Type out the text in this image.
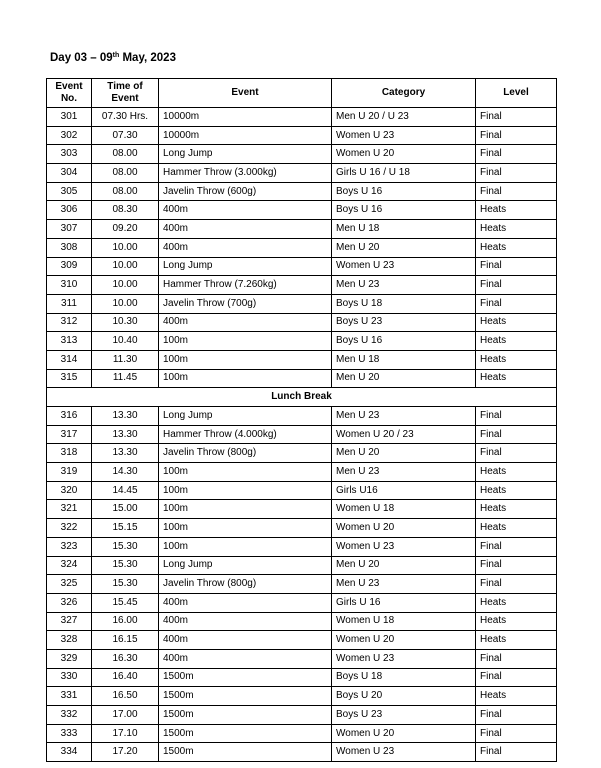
Day 03 – 09th May, 2023
Event No.	Time of Event	Event	Category	Level
301	07.30 Hrs.	10000m	Men U 20 / U 23	Final
302	07.30	10000m	Women U 23	Final
303	08.00	Long Jump	Women U 20	Final
304	08.00	Hammer Throw (3.000kg)	Girls U 16 / U 18	Final
305	08.00	Javelin Throw (600g)	Boys U 16	Final
306	08.30	400m	Boys U 16	Heats
307	09.20	400m	Men U 18	Heats
308	10.00	400m	Men U 20	Heats
309	10.00	Long Jump	Women U 23	Final
310	10.00	Hammer Throw (7.260kg)	Men U 23	Final
311	10.00	Javelin Throw (700g)	Boys U 18	Final
312	10.30	400m	Boys U 23	Heats
313	10.40	100m	Boys U 16	Heats
314	11.30	100m	Men U 18	Heats
315	11.45	100m	Men U 20	Heats
Lunch Break				
316	13.30	Long Jump	Men U 23	Final
317	13.30	Hammer Throw (4.000kg)	Women U 20 / 23	Final
318	13.30	Javelin Throw (800g)	Men U 20	Final
319	14.30	100m	Men U 23	Heats
320	14.45	100m	Girls U16	Heats
321	15.00	100m	Women U 18	Heats
322	15.15	100m	Women U 20	Heats
323	15.30	100m	Women U 23	Final
324	15.30	Long Jump	Men U 20	Final
325	15.30	Javelin Throw (800g)	Men U 23	Final
326	15.45	400m	Girls U 16	Heats
327	16.00	400m	Women U 18	Heats
328	16.15	400m	Women U 20	Heats
329	16.30	400m	Women U 23	Final
330	16.40	1500m	Boys U 18	Final
331	16.50	1500m	Boys U 20	Heats
332	17.00	1500m	Boys U 23	Final
333	17.10	1500m	Women U 20	Final
334	17.20	1500m	Women U 23	Final
